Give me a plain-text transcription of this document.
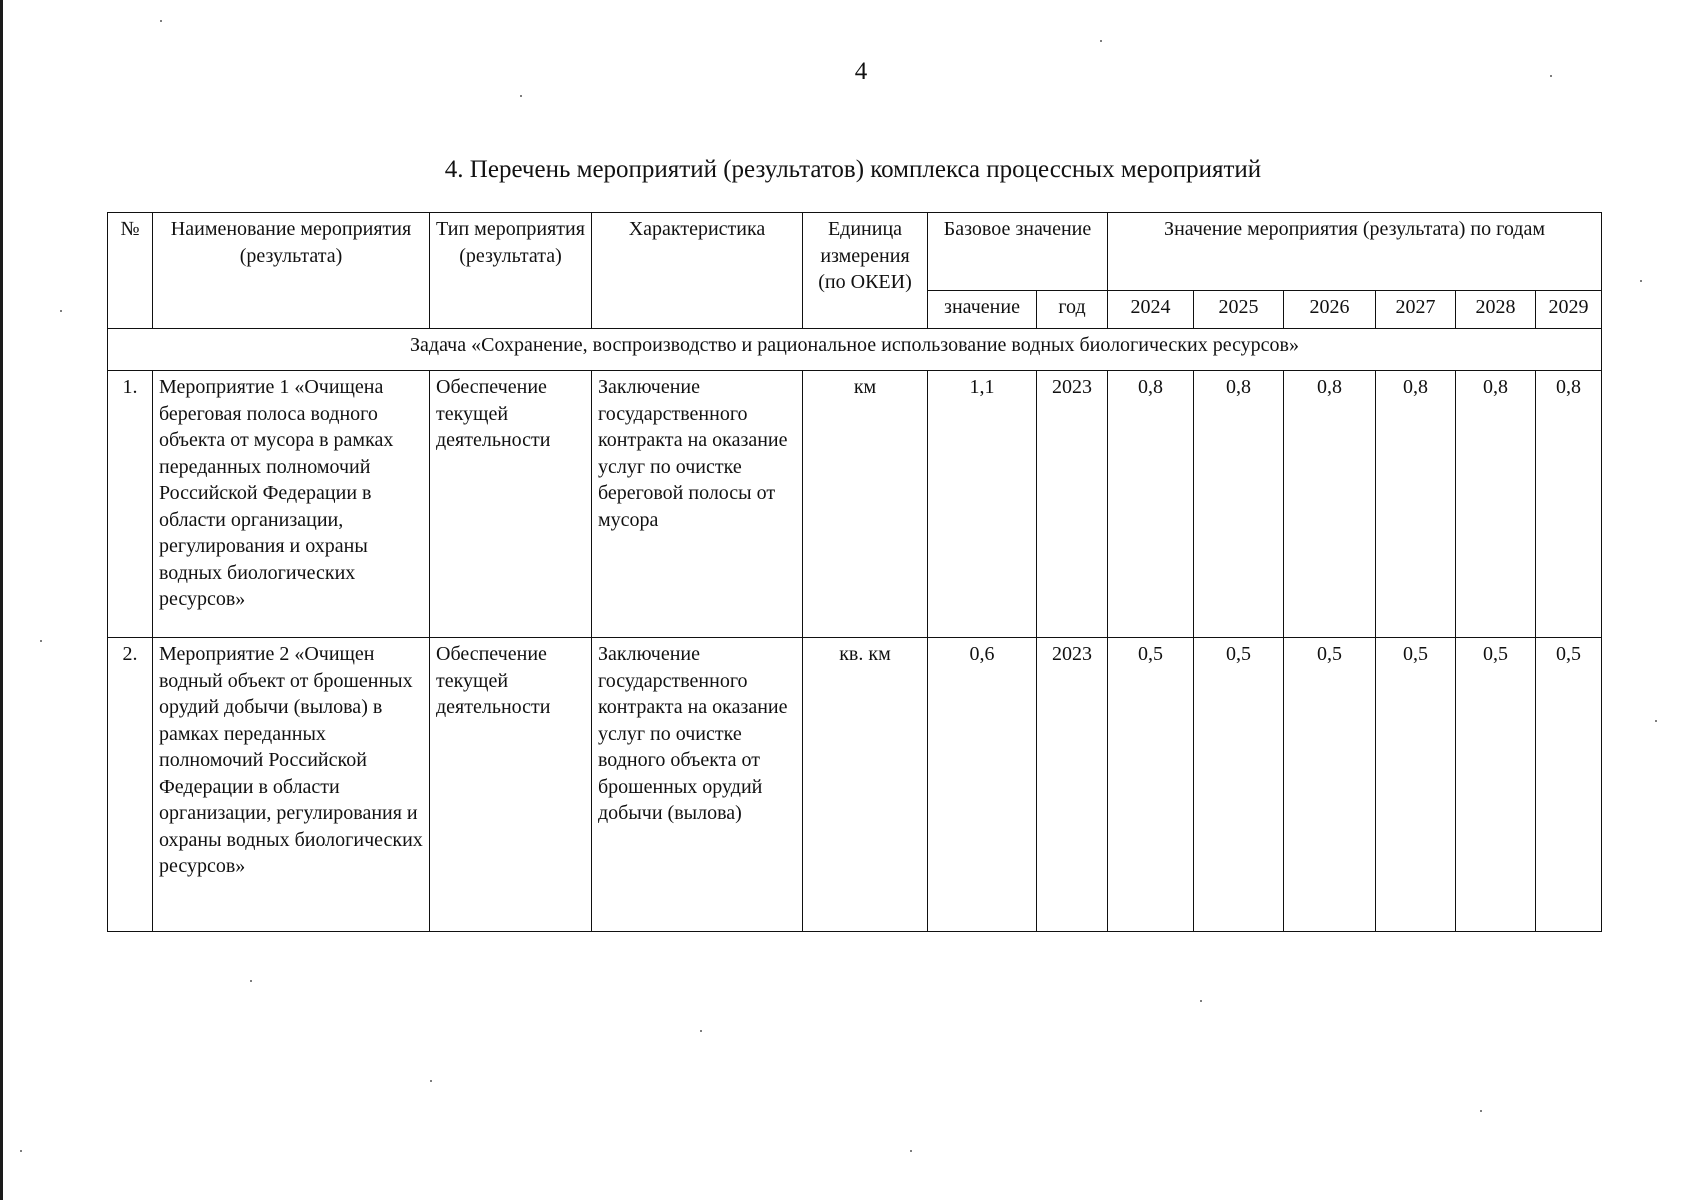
4
4. Перечень мероприятий (результатов) комплекса процессных мероприятий
№	Наименование мероприятия (результата)	Тип мероприятия (результата)	Характеристика	Единица измерения (по ОКЕИ)	Базовое значение		Значение мероприятия (результата) по годам					
					значение	год	2024	2025	2026	2027	2028	2029
Задача «Сохранение, воспроизводство и рациональное использование водных биологических ресурсов»												
1.	Мероприятие 1 «Очищена береговая полоса водного объекта от мусора в рамках переданных полномочий Российской Федерации в области организации, регулирования и охраны водных биологических ресурсов»	Обеспечение текущей деятельности	Заключение государственного контракта на оказание услуг по очистке береговой полосы от мусора	км	1,1	2023	0,8	0,8	0,8	0,8	0,8	0,8
2.	Мероприятие 2 «Очищен водный объект от брошенных орудий добычи (вылова) в рамках переданных полномочий Российской Федерации в области организации, регулирования и охраны водных биологических ресурсов»	Обеспечение текущей деятельности	Заключение государственного контракта на оказание услуг по очистке водного объекта от брошенных орудий добычи (вылова)	кв. км	0,6	2023	0,5	0,5	0,5	0,5	0,5	0,5
